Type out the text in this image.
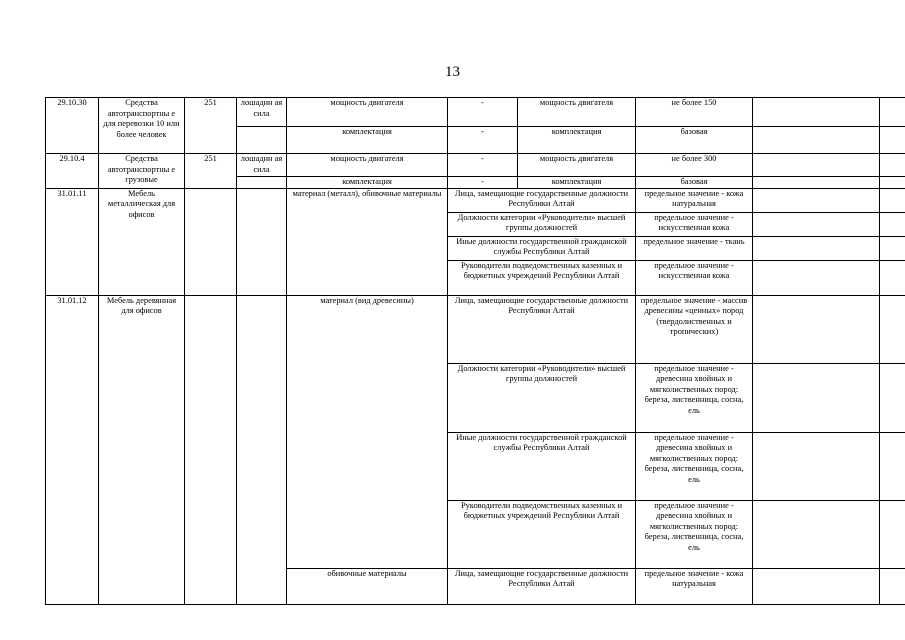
13
29.10.30	Средства автотранспортны е для перевозки 10 или более человек	251	лошадин ая сила	мощность двигателя	-	мощность двигателя	не более 150		
				комплектация	-	комплектация	базовая		
29.10.4	Средства автотранспортны е грузовые	251	лошадин ая сила	мощность двигателя	-	мощность двигателя	не более 300		
				комплектация	-	комплектация	базовая		
31.01.11	Мебель металлическая для офисов			материал (металл), обивочные материалы	Лица, замещающие государственные должности Республики Алтай		предельное значение - кожа натуральная		
					Должности категории «Руководители» высшей группы должностей		предельное значение - искусственная кожа		
					Иные должности государственной гражданской службы Республики Алтай		предельное значение - ткань		
					Руководители подведомственных казенных и бюджетных учреждений Республики Алтай		предельное значение - искусственная кожа		
31.01.12	Мебель деревянная для офисов			материал (вид древесины)	Лица, замещающие государственные должности Республики Алтай		предельное значение - массив древесины «ценных» пород (твердолиственных и тропических)		
					Должности категории «Руководители» высшей группы должностей		предельное значение - древесина хвойных и мягколиственных пород: береза, лиственница, сосна, ель		
					Иные должности государственной гражданской службы Республики Алтай		предельное значение - древесина хвойных и мягколиственных пород: береза, лиственница, сосна, ель		
					Руководители подведомственных казенных и бюджетных учреждений Республики Алтай		предельное значение - древесина хвойных и мягколиственных пород: береза, лиственница, сосна, ель		
				обивочные материалы	Лица, замещающие государственные должности Республики Алтай		предельное значение - кожа натуральная		
